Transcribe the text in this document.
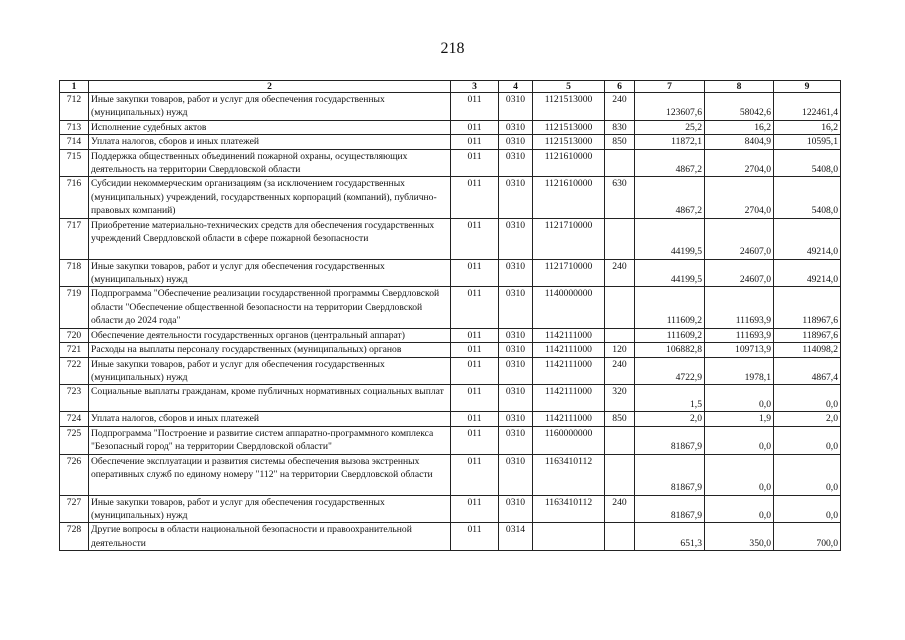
218
1	2	3	4	5	6	7	8	9
712	Иные закупки товаров, работ и услуг для обеспечения государственных (муниципальных) нужд	011	0310	1121513000	240	123607,6	58042,6	122461,4
713	Исполнение судебных актов	011	0310	1121513000	830	25,2	16,2	16,2
714	Уплата налогов, сборов и иных платежей	011	0310	1121513000	850	11872,1	8404,9	10595,1
715	Поддержка общественных объединений пожарной охраны, осуществляющих деятельность на территории Свердловской области	011	0310	1121610000		4867,2	2704,0	5408,0
716	Субсидии некоммерческим организациям (за исключением государственных (муниципальных) учреждений, государственных корпораций (компаний), публично-правовых компаний)	011	0310	1121610000	630	4867,2	2704,0	5408,0
717	Приобретение материально-технических средств для обеспечения государственных учреждений Свердловской области в сфере пожарной безопасности	011	0310	1121710000		44199,5	24607,0	49214,0
718	Иные закупки товаров, работ и услуг для обеспечения государственных (муниципальных) нужд	011	0310	1121710000	240	44199,5	24607,0	49214,0
719	Подпрограмма "Обеспечение реализации государственной программы Свердловской области "Обеспечение общественной безопасности на территории Свердловской области до 2024 года"	011	0310	1140000000		111609,2	111693,9	118967,6
720	Обеспечение деятельности государственных органов (центральный аппарат)	011	0310	1142111000		111609,2	111693,9	118967,6
721	Расходы на выплаты персоналу государственных (муниципальных) органов	011	0310	1142111000	120	106882,8	109713,9	114098,2
722	Иные закупки товаров, работ и услуг для обеспечения государственных (муниципальных) нужд	011	0310	1142111000	240	4722,9	1978,1	4867,4
723	Социальные выплаты гражданам, кроме публичных нормативных социальных выплат	011	0310	1142111000	320	1,5	0,0	0,0
724	Уплата налогов, сборов и иных платежей	011	0310	1142111000	850	2,0	1,9	2,0
725	Подпрограмма "Построение и развитие систем аппаратно-программного комплекса "Безопасный город" на территории Свердловской области"	011	0310	1160000000		81867,9	0,0	0,0
726	Обеспечение эксплуатации и развития системы обеспечения вызова экстренных оперативных служб по единому номеру "112" на территории Свердловской области	011	0310	1163410112		81867,9	0,0	0,0
727	Иные закупки товаров, работ и услуг для обеспечения государственных (муниципальных) нужд	011	0310	1163410112	240	81867,9	0,0	0,0
728	Другие вопросы в области национальной безопасности и правоохранительной деятельности	011	0314			651,3	350,0	700,0
